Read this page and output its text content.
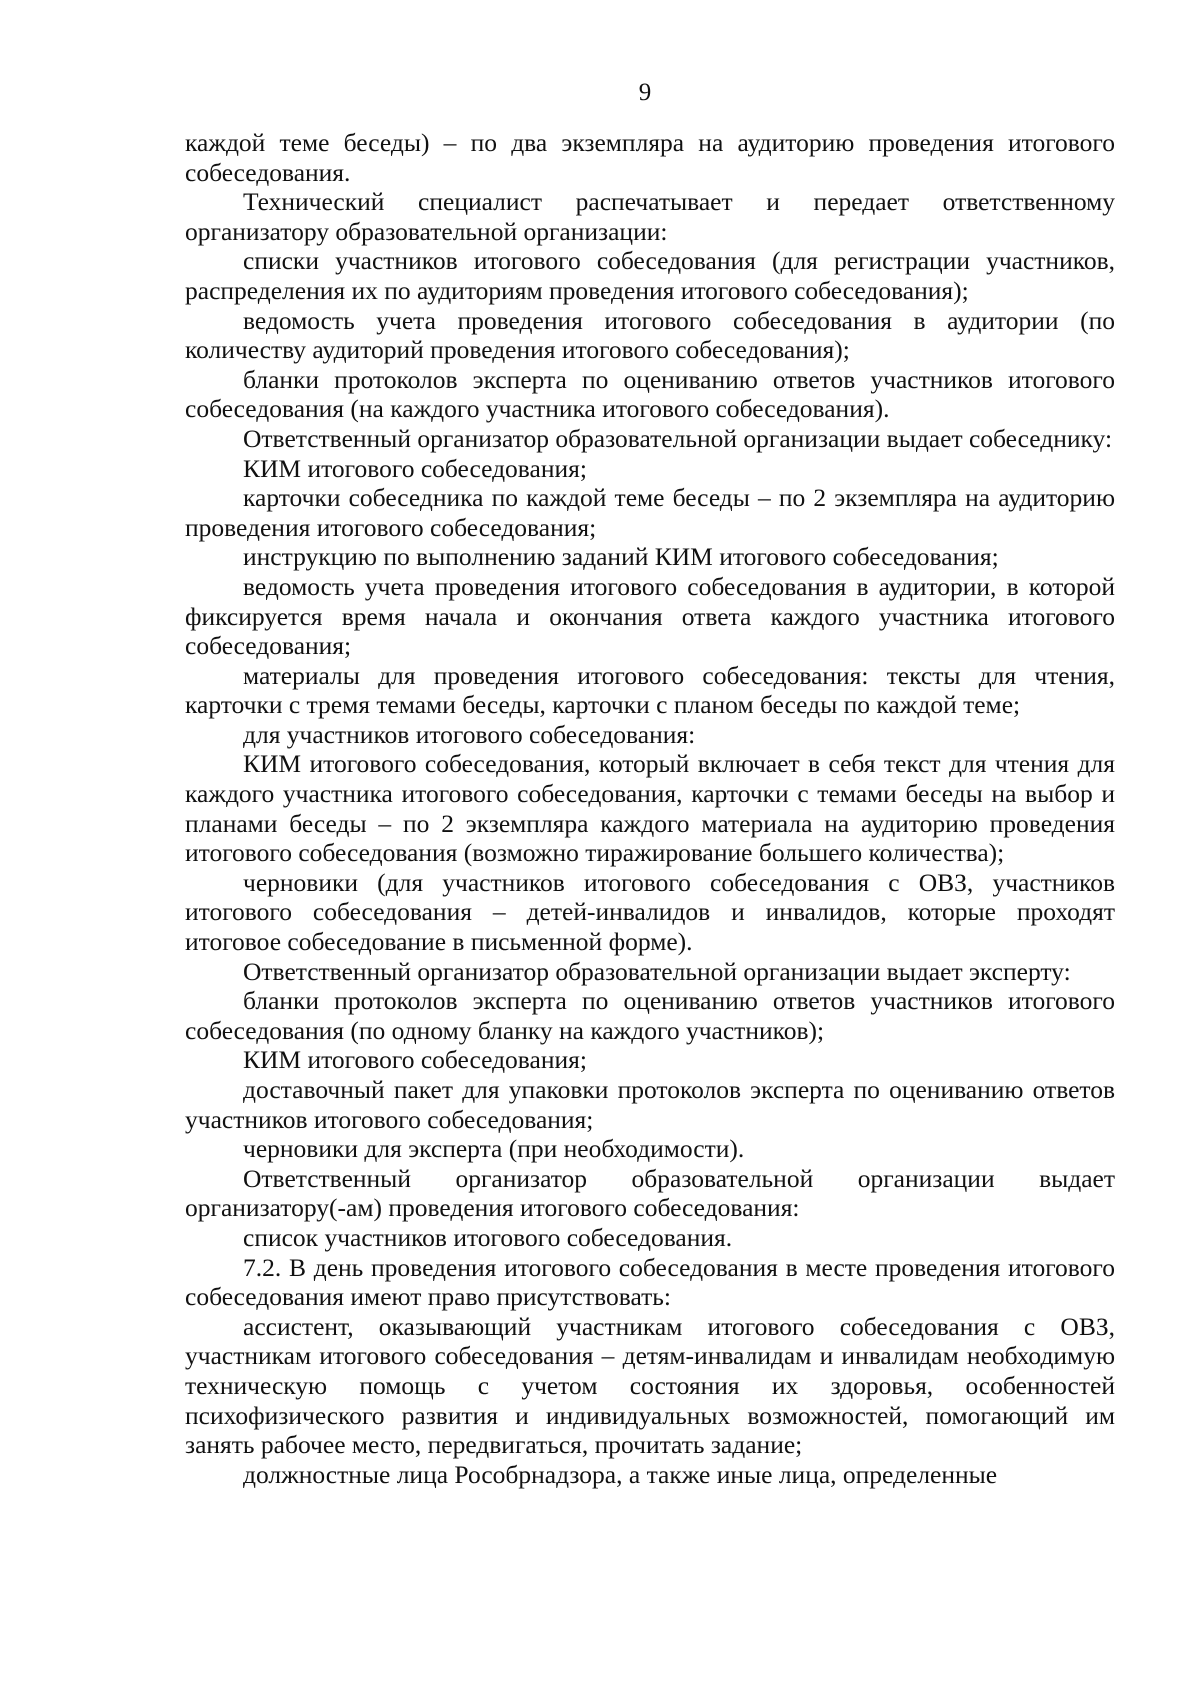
9

каждой теме беседы) – по два экземпляра на аудиторию проведения итогового собеседования.

Технический специалист распечатывает и передает ответственному организатору образовательной организации:

списки участников итогового собеседования (для регистрации участников, распределения их по аудиториям проведения итогового собеседования);

ведомость учета проведения итогового собеседования в аудитории (по количеству аудиторий проведения итогового собеседования);

бланки протоколов эксперта по оцениванию ответов участников итогового собеседования (на каждого участника итогового собеседования).

Ответственный организатор образовательной организации выдает собеседнику:

КИМ итогового собеседования;

карточки собеседника по каждой теме беседы – по 2 экземпляра на аудиторию проведения итогового собеседования;

инструкцию по выполнению заданий КИМ итогового собеседования;

ведомость учета проведения итогового собеседования в аудитории, в которой фиксируется время начала и окончания ответа каждого участника итогового собеседования;

материалы для проведения итогового собеседования: тексты для чтения, карточки с тремя темами беседы, карточки с планом беседы по каждой теме;

для участников итогового собеседования:

КИМ итогового собеседования, который включает в себя текст для чтения для каждого участника итогового собеседования, карточки с темами беседы на выбор и планами беседы – по 2 экземпляра каждого материала на аудиторию проведения итогового собеседования (возможно тиражирование большего количества);

черновики (для участников итогового собеседования с ОВЗ, участников итогового собеседования – детей-инвалидов и инвалидов, которые проходят итоговое собеседование в письменной форме).

Ответственный организатор образовательной организации выдает эксперту:

бланки протоколов эксперта по оцениванию ответов участников итогового собеседования (по одному бланку на каждого участников);

КИМ итогового собеседования;

доставочный пакет для упаковки протоколов эксперта по оцениванию ответов участников итогового собеседования;

черновики для эксперта (при необходимости).

Ответственный организатор образовательной организации выдает организатору(-ам) проведения итогового собеседования:

список участников итогового собеседования.

7.2. В день проведения итогового собеседования в месте проведения итогового собеседования имеют право присутствовать:

ассистент, оказывающий участникам итогового собеседования с ОВЗ, участникам итогового собеседования – детям-инвалидам и инвалидам необходимую техническую помощь с учетом состояния их здоровья, особенностей психофизического развития и индивидуальных возможностей, помогающий им занять рабочее место, передвигаться, прочитать задание;

должностные лица Рособрнадзора, а также иные лица, определенные
